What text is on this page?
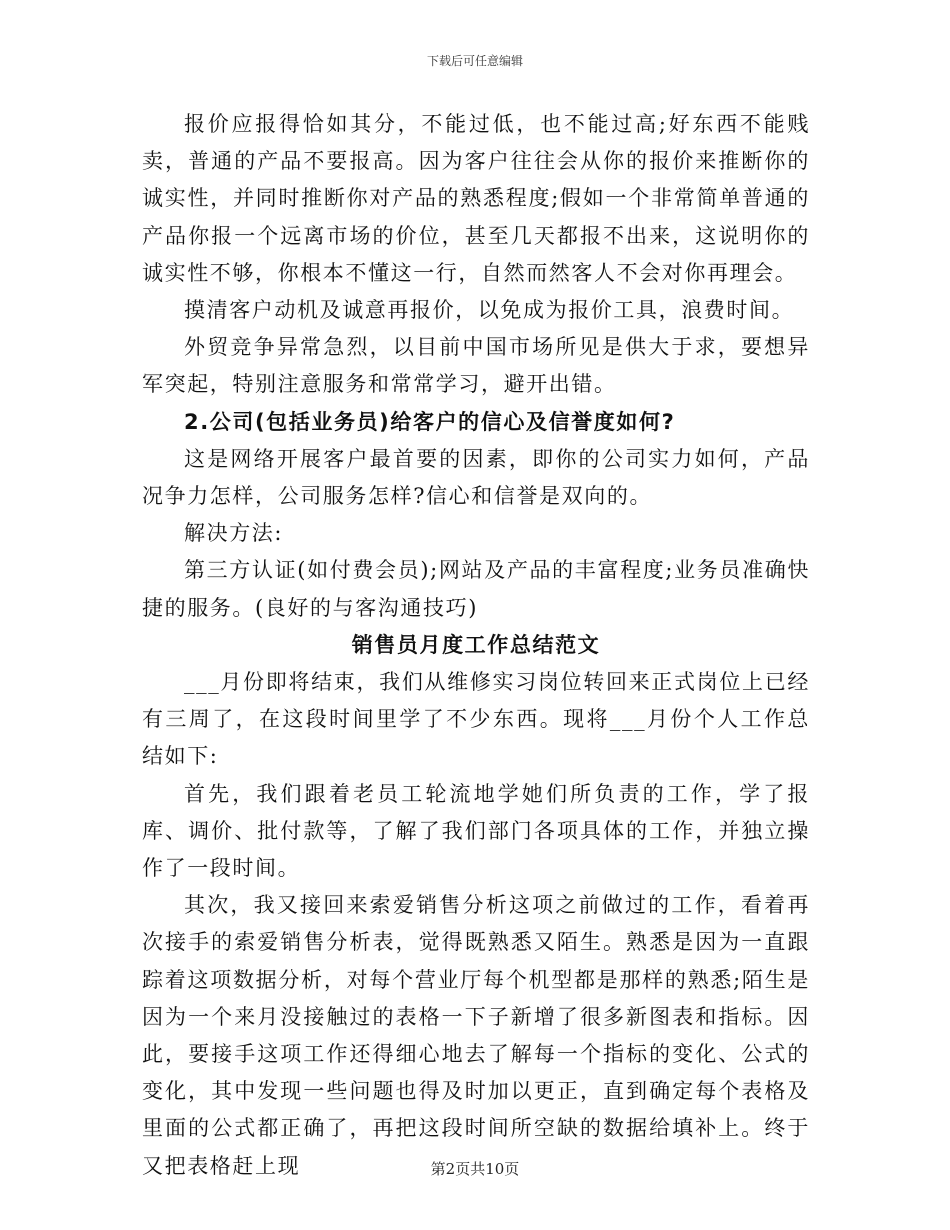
下载后可任意编辑

报价应报得恰如其分，不能过低，也不能过高;好东西不能贱卖，普通的产品不要报高。因为客户往往会从你的报价来推断你的诚实性，并同时推断你对产品的熟悉程度;假如一个非常简单普通的产品你报一个远离市场的价位，甚至几天都报不出来，这说明你的诚实性不够，你根本不懂这一行，自然而然客人不会对你再理会。

摸清客户动机及诚意再报价，以免成为报价工具，浪费时间。

外贸竞争异常急烈，以目前中国市场所见是供大于求，要想异军突起，特别注意服务和常常学习，避开出错。

2.公司(包括业务员)给客户的信心及信誉度如何?

这是网络开展客户最首要的因素，即你的公司实力如何，产品况争力怎样，公司服务怎样?信心和信誉是双向的。

解决方法:

第三方认证(如付费会员);网站及产品的丰富程度;业务员准确快捷的服务。(良好的与客沟通技巧)

销售员月度工作总结范文

___月份即将结束，我们从维修实习岗位转回来正式岗位上已经有三周了，在这段时间里学了不少东西。现将___月份个人工作总结如下:

首先，我们跟着老员工轮流地学她们所负责的工作，学了报库、调价、批付款等，了解了我们部门各项具体的工作，并独立操作了一段时间。

其次，我又接回来索爱销售分析这项之前做过的工作，看着再次接手的索爱销售分析表，觉得既熟悉又陌生。熟悉是因为一直跟踪着这项数据分析，对每个营业厅每个机型都是那样的熟悉;陌生是因为一个来月没接触过的表格一下子新增了很多新图表和指标。因此，要接手这项工作还得细心地去了解每一个指标的变化、公式的变化，其中发现一些问题也得及时加以更正，直到确定每个表格及里面的公式都正确了，再把这段时间所空缺的数据给填补上。终于又把表格赶上现	第2页共10页
